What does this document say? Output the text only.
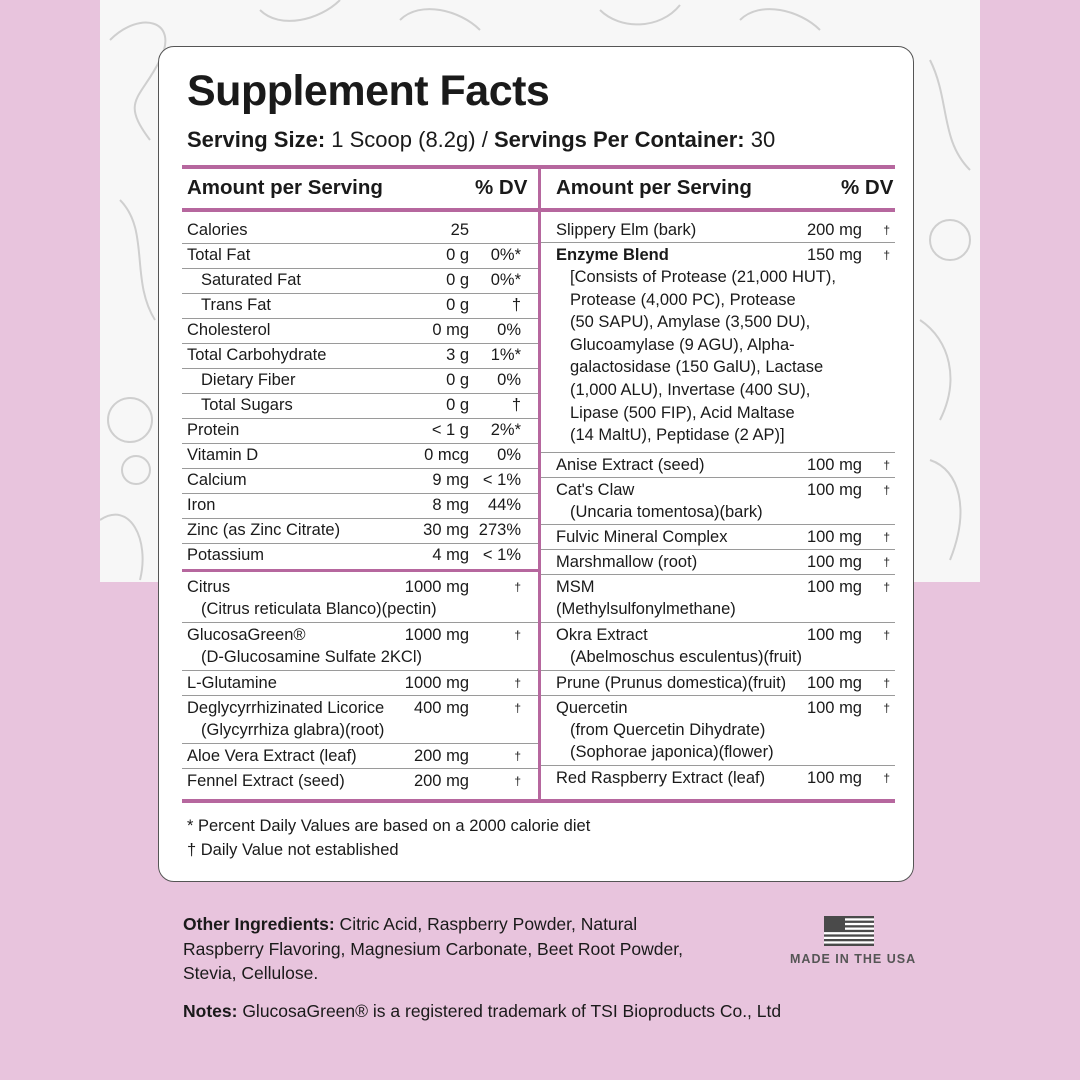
Supplement Facts
Serving Size: 1 Scoop (8.2g) / Servings Per Container: 30
Amount per Serving	% DV Amount per Serving	% DV
Calories	25
Total Fat	0 g	0%*
Saturated Fat	0 g	0%*
Trans Fat	0 g	†
Cholesterol	0 mg	0%
Total Carbohydrate	3 g	1%*
Dietary Fiber	0 g	0%
Total Sugars	0 g	†
Protein	< 1 g	2%*
Vitamin D	0 mcg	0%
Calcium	9 mg < 1%
Iron	8 mg	44%
Zinc (as Zinc Citrate)	30 mg 273%
Potassium	4 mg < 1%
Citrus	1000 mg	†
(Citrus reticulata Blanco)(pectin)
GlucosaGreen®	1000 mg	†
(D-Glucosamine Sulfate 2KCl)
L-Glutamine	1000 mg	†
Deglycyrrhizinated Licorice	400 mg	†
(Glycyrrhiza glabra)(root)
Aloe Vera Extract (leaf)	200 mg	†
Fennel Extract (seed)	200 mg	†
Slippery Elm (bark)	200 mg	†
Enzyme Blend	150 mg	†
[Consists of Protease (21,000 HUT),
Protease (4,000 PC), Protease
(50 SAPU), Amylase (3,500 DU),
Glucoamylase (9 AGU), Alpha-
galactosidase (150 GalU), Lactase
(1,000 ALU), Invertase (400 SU),
Lipase (500 FIP), Acid Maltase
(14 MaltU), Peptidase (2 AP)]
Anise Extract (seed)	100 mg	†
Cat's Claw	100 mg	†
(Uncaria tomentosa)(bark)
Fulvic Mineral Complex	100 mg	†
Marshmallow (root)	100 mg	†
MSM	100 mg	†
(Methylsulfonylmethane)
Okra Extract	100 mg	†
(Abelmoschus esculentus)(fruit)
Prune (Prunus domestica)(fruit)	100 mg	†
Quercetin	100 mg	†
(from Quercetin Dihydrate)
(Sophorae japonica)(flower)
Red Raspberry Extract (leaf)	100 mg	†
* Percent Daily Values are based on a 2000 calorie diet
† Daily Value not established
Other Ingredients: Citric Acid, Raspberry Powder, Natural
Raspberry Flavoring, Magnesium Carbonate, Beet Root Powder,
Stevia, Cellulose.
Notes: GlucosaGreen® is a registered trademark of TSI Bioproducts Co., Ltd
MADE IN THE USA
